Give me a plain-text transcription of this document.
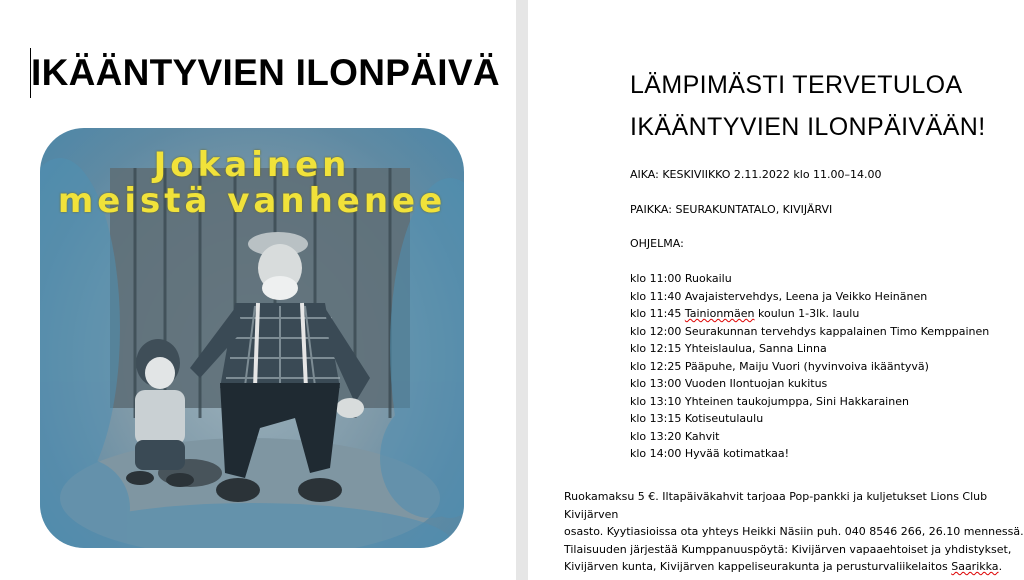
IKÄÄNTYVIEN ILONPÄIVÄ
Jokainen
meistä vanhenee
LÄMPIMÄSTI TERVETULOA
IKÄÄNTYVIEN ILONPÄIVÄÄN!

AIKA: KESKIVIIKKO 2.11.2022 klo 11.00–14.00

PAIKKA: SEURAKUNTATALO, KIVIJÄRVI

OHJELMA:

klo 11:00 Ruokailu
klo 11:40 Avajaistervehdys, Leena ja Veikko Heinänen
klo 11:45 Tainionmäen koulun 1-3lk. laulu
klo 12:00 Seurakunnan tervehdys kappalainen Timo Kemppainen
klo 12:15 Yhteislaulua, Sanna Linna
klo 12:25 Pääpuhe, Maiju Vuori (hyvinvoiva ikääntyvä)
klo 13:00 Vuoden Ilontuojan kukitus
klo 13:10 Yhteinen taukojumppa, Sini Hakkarainen
klo 13:15 Kotiseutulaulu
klo 13:20 Kahvit
klo 14:00 Hyvää kotimatkaa!

Ruokamaksu 5 €. Iltapäiväkahvit tarjoaa Pop-pankki ja kuljetukset Lions Club Kivijärven
osasto. Kyytiasioissa ota yhteys Heikki Näsiin puh. 040 8546 266, 26.10 mennessä.
Tilaisuuden järjestää Kumppanuuspöytä: Kivijärven vapaaehtoiset ja yhdistykset,
Kivijärven kunta, Kivijärven kappeliseurakunta ja perusturvaliikelaitos Saarikka.
